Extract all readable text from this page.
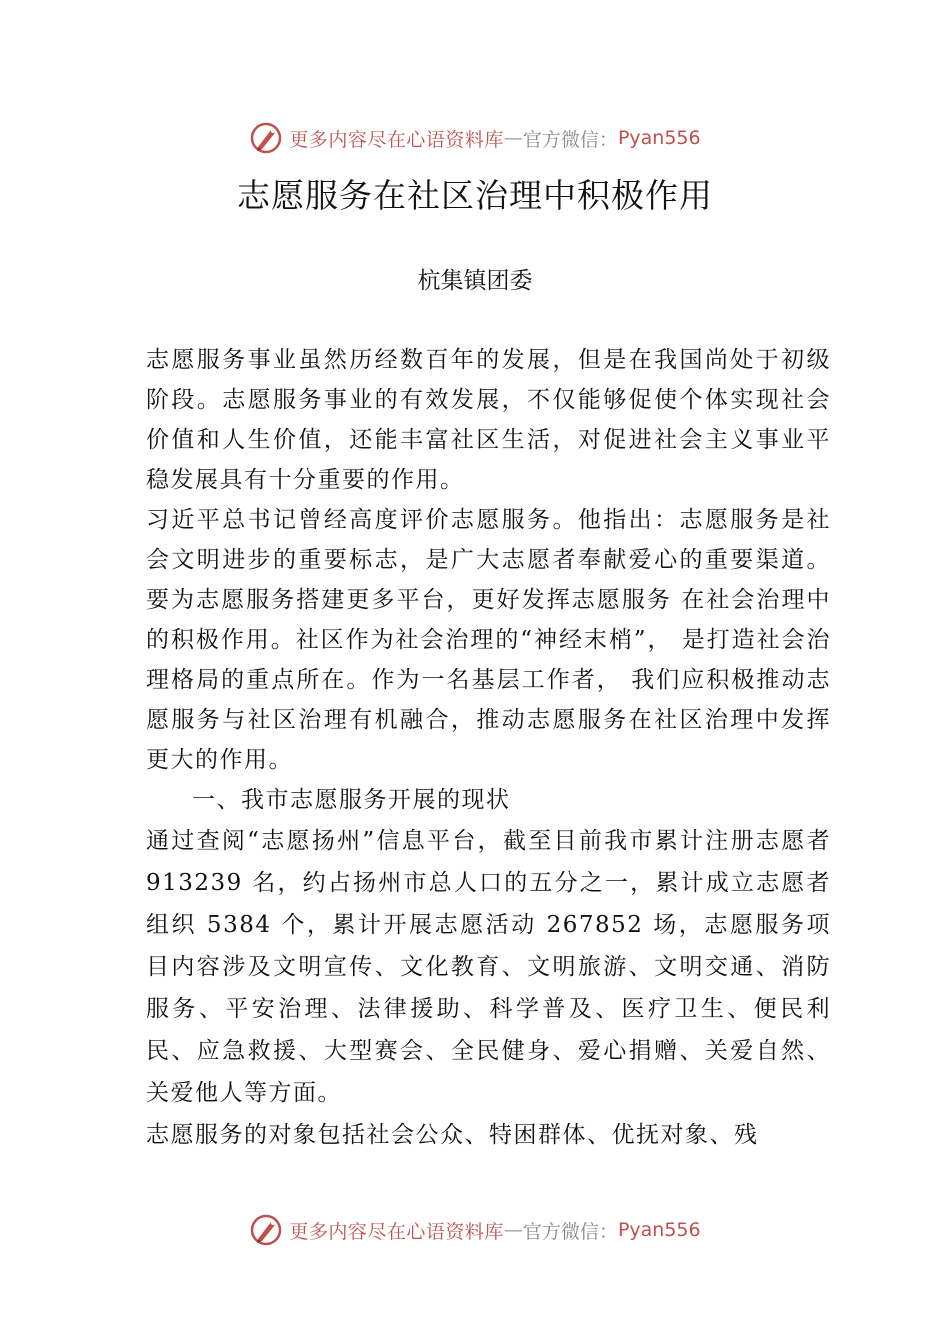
更多内容尽在心语资料库 — 官方微信： Pyan556
志愿服务在社区治理中积极作用

杭集镇团委

志愿服务事业虽然历经数百年的发展，但是在我国尚处于初级阶段。志愿服务事业的有效发展，不仅能够促使个体实现社会价值和人生价值，还能丰富社区生活，对促进社会主义事业平稳发展具有十分重要的作用。

习近平总书记曾经高度评价志愿服务。他指出：志愿服务是社会文明进步的重要标志，是广大志愿者奉献爱心的重要渠道。要为志愿服务搭建更多平台，更好发挥志愿服务 在社会治理中的积极作用。社区作为社会治理的“神经末梢”， 是打造社会治理格局的重点所在。作为一名基层工作者， 我们应积极推动志愿服务与社区治理有机融合，推动志愿服务在社区治理中发挥更大的作用。

一、我市志愿服务开展的现状

通过查阅“志愿扬州”信息平台，截至目前我市累计注册志愿者 913239 名，约占扬州市总人口的五分之一，累计成立志愿者组织 5384 个，累计开展志愿活动 267852 场，志愿服务项目内容涉及文明宣传、文化教育、文明旅游、文明交通、消防服务、平安治理、法律援助、科学普及、医疗卫生、便民利民、应急救援、大型赛会、全民健身、爱心捐赠、关爱自然、关爱他人等方面。

志愿服务的对象包括社会公众、特困群体、优抚对象、残

更多内容尽在心语资料库 — 官方微信： Pyan556
